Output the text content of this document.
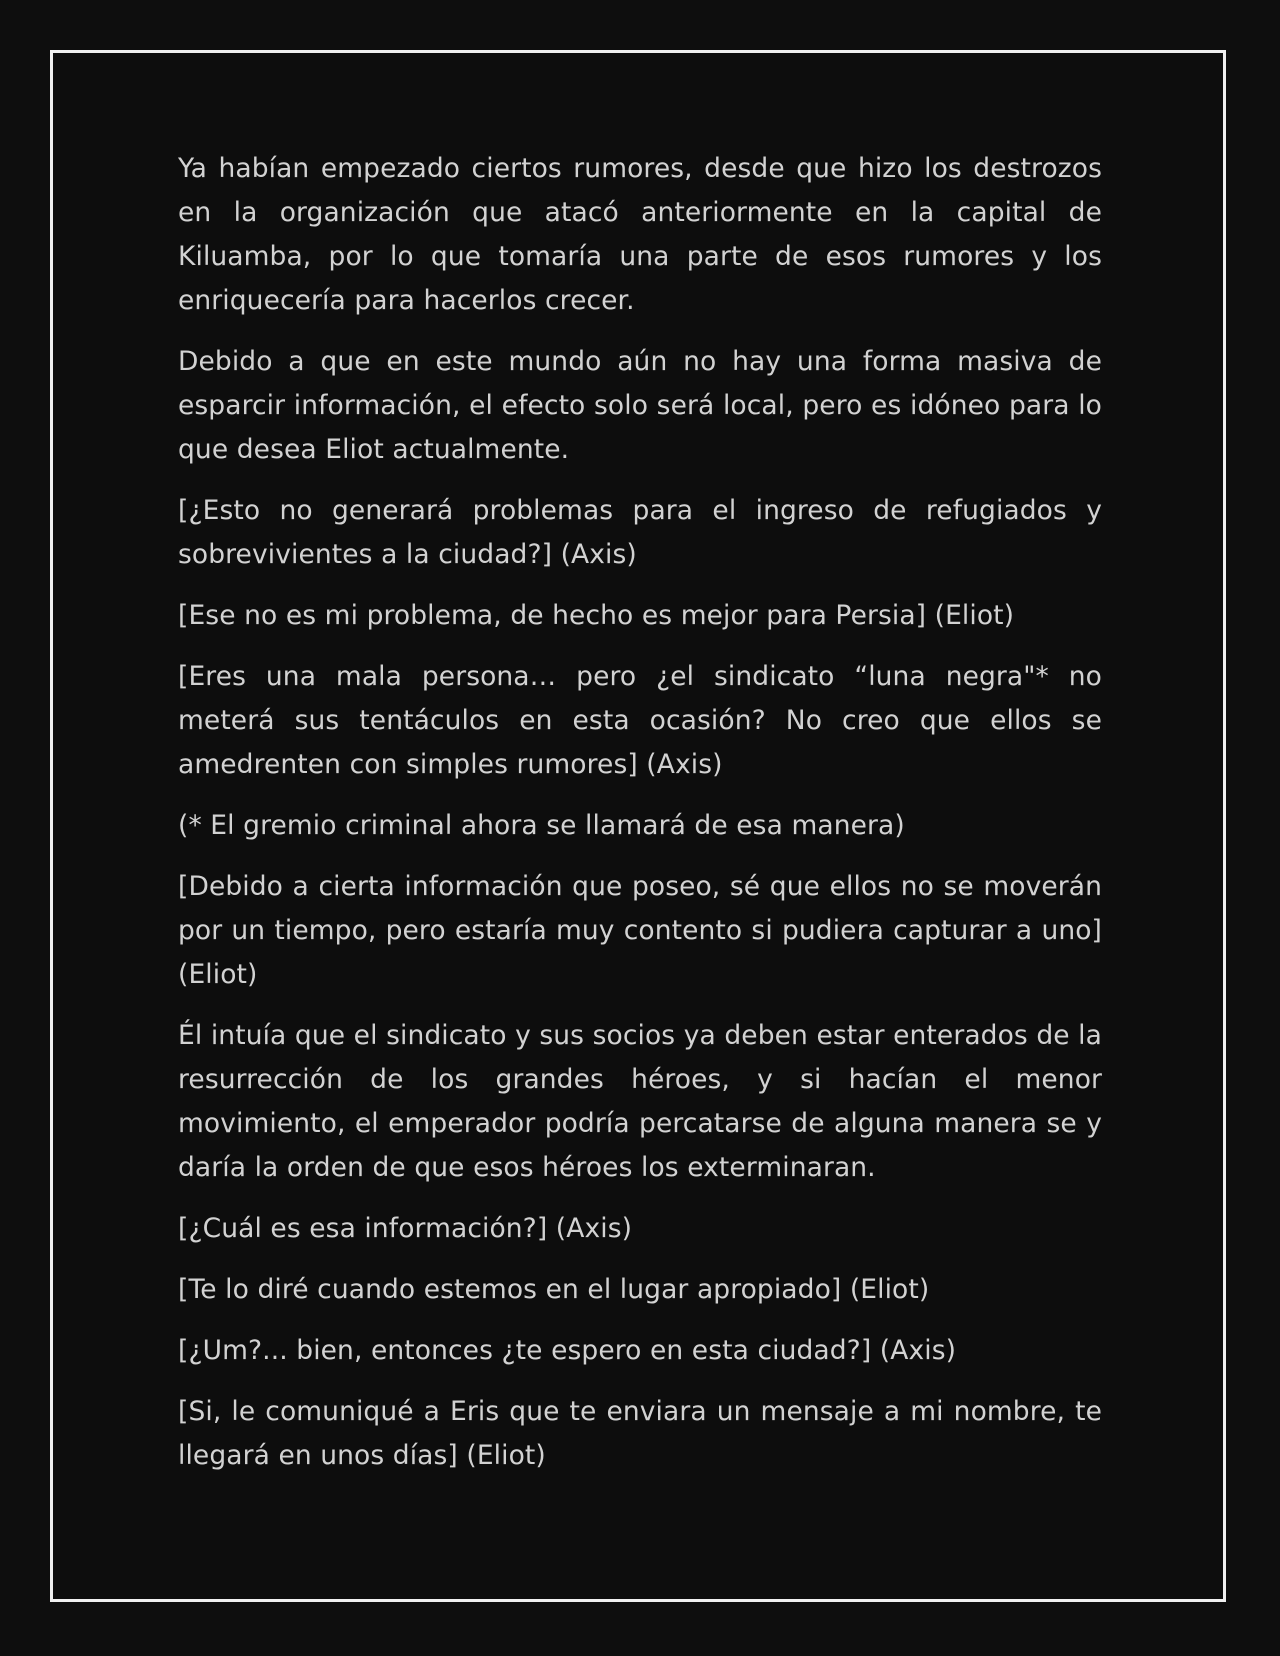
Ya habían empezado ciertos rumores, desde que hizo los destrozos en la organización que atacó anteriormente en la capital de Kiluamba, por lo que tomaría una parte de esos rumores y los enriquecería para hacerlos crecer.

Debido a que en este mundo aún no hay una forma masiva de esparcir información, el efecto solo será local, pero es idóneo para lo que desea Eliot actualmente.

[¿Esto no generará problemas para el ingreso de refugiados y sobrevivientes a la ciudad?] (Axis)

[Ese no es mi problema, de hecho es mejor para Persia] (Eliot)

[Eres una mala persona… pero ¿el sindicato “luna negra"* no meterá sus tentáculos en esta ocasión? No creo que ellos se amedrenten con simples rumores] (Axis)

(* El gremio criminal ahora se llamará de esa manera)

[Debido a cierta información que poseo, sé que ellos no se moverán por un tiempo, pero estaría muy contento si pudiera capturar a uno] (Eliot)

Él intuía que el sindicato y sus socios ya deben estar enterados de la resurrección de los grandes héroes, y si hacían el menor movimiento, el emperador podría percatarse de alguna manera se y daría la orden de que esos héroes los exterminaran.

[¿Cuál es esa información?] (Axis)

[Te lo diré cuando estemos en el lugar apropiado] (Eliot)

[¿Um?... bien, entonces ¿te espero en esta ciudad?] (Axis)

[Si, le comuniqué a Eris que te enviara un mensaje a mi nombre, te llegará en unos días] (Eliot)
